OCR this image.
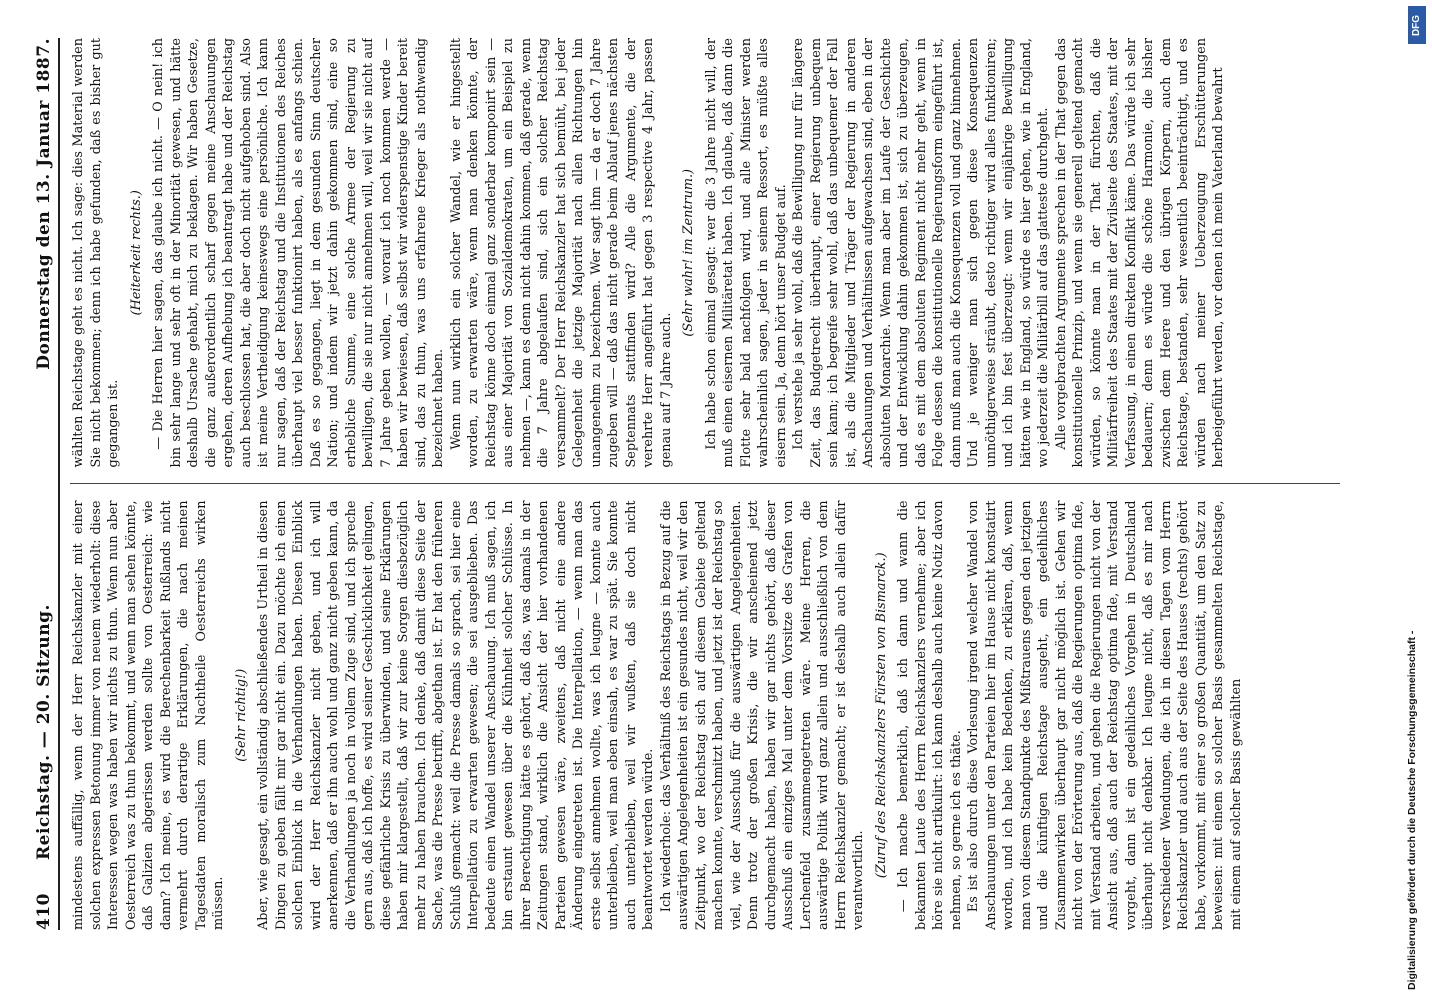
410
Reichstag. — 20. Sitzung.
Donnerstag den 13. Januar 1887.

mindestens auffällig, wenn der Herr Reichskanzler mit einer solchen expressen Betonung immer von neuem wiederholt: diese Interessen wegen was haben wir nichts zu thun. Wenn nun aber Oesterreich was zu thun bekommt, und wenn man sehen könnte, daß Galizien abgerissen werden sollte von Oesterreich: wie dann? Ich meine, es wird die Berechenbarkeit Rußlands nicht vermehrt durch derartige Erklärungen, die nach meinen Tagesdaten moralisch zum Nachtheile Oesterreichs wirken müssen.

(Sehr richtig!) Aber, wie gesagt, ein vollständig abschließendes Urtheil in diesen Dingen zu geben fällt mir gar nicht ein. Dazu möchte ich einen solchen Einblick in die Verhandlungen haben. Diesen Einblick wird der Herr Reichskanzler nicht geben, und ich will anerkennen, daß er ihn auch wohl und ganz nicht geben kann, da die Verhandlungen ja noch in vollem Zuge sind, und ich spreche gern aus, daß ich hoffe, es wird seiner Geschicklichkeit gelingen, diese gefährliche Krisis zu überwinden, und seine Erklärungen haben mir klargestellt, daß wir zur keine Sorgen diesbezüglich mehr zu haben brauchen. Ich denke, daß damit diese Seite der Sache, was die Presse betrifft, abgethan ist. Er hat den früheren Schluß gemacht: weil die Presse damals so sprach, sei hier eine Interpellation zu erwarten gewesen; die sei ausgeblieben. Das bedeute einen Wandel unserer Anschauung. Ich muß sagen, ich bin erstaunt gewesen über die Kühnheit solcher Schlüsse. In ihrer Berechtigung hätte es gehört, daß das, was damals in der Zeitungen stand, wirklich die Ansicht der hier vorhandenen Parteien gewesen wäre, zweitens, daß nicht eine andere Änderung eingetreten ist. Die Interpellation, — wenn man das erste selbst annehmen wollte, was ich leugne — konnte auch unterbleiben, weil man eben einsah, es war zu spät. Sie konnte auch unterbleiben, weil wir wußten, daß sie doch nicht beantwortet werden würde. Ich wiederhole: das Verhältniß des Reichstags in Bezug auf die auswärtigen Angelegenheiten ist ein gesundes nicht, weil wir den Zeitpunkt, wo der Reichstag sich auf diesem Gebiete geltend machen konnte, verschmitzt haben, und jetzt ist der Reichstag so viel, wie der Ausschuß für die auswärtigen Angelegenheiten. Denn trotz der großen Krisis, die wir anscheinend jetzt durchgemacht haben, haben wir gar nichts gehört, daß dieser Ausschuß ein einziges Mal unter dem Vorsitze des Grafen von Lerchenfeld zusammengetreten wäre. Meine Herren, die auswärtige Politik wird ganz allein und ausschließlich von dem Herrn Reichskanzler gemacht; er ist deshalb auch allein dafür verantwortlich.

(Zuruf des Reichskanzlers Fürsten von Bismarck.) — Ich mache bemerklich, daß ich dann und wann die bekannten Laute des Herrn Reichskanzlers vernehme; aber ich höre sie nicht artikulirt: ich kann deshalb auch keine Notiz davon nehmen, so gerne ich es thäte. Es ist also durch diese Vorlesung irgend welcher Wandel von Anschauungen unter den Parteien hier im Hause nicht konstatirt worden, und ich habe kein Bedenken, zu erklären, daß, wenn man von diesem Standpunkte des Mißtrauens gegen den jetzigen und die künftigen Reichstage ausgeht, ein gedeihliches Zusammenwirken überhaupt gar nicht möglich ist. Gehen wir nicht von der Erörterung aus, daß die Regierungen optima fide, mit Verstand arbeiten, und gehen die Regierungen nicht von der Ansicht aus, daß auch der Reichstag optima fide, mit Verstand vorgeht, dann ist ein gedeihliches Vorgehen in Deutschland überhaupt nicht denkbar. Ich leugne nicht, daß es mir nach verschiedener Wendungen, die ich in diesen Tagen vom Herrn Reichskanzler und auch aus der Seite des Hauses (rechts) gehört habe, vorkommt, mit einer so großen Quantität, um den Satz zu beweisen: mit einem so solcher Basis gesammelten Reichstage, mit einem auf solcher Basis gewählten

wählten Reichstage geht es nicht. Ich sage: dies Material werden Sie nicht bekommen; denn ich habe gefunden, daß es bisher gut gegangen ist.

(Heiterkeit rechts.) — Die Herren hier sagen, das glaube ich nicht. — O nein! ich bin sehr lange und sehr oft in der Minorität gewesen, und hätte deshalb Ursache gehabt, mich zu beklagen. Wir haben Gesetze, die ganz außerordentlich scharf gegen meine Anschauungen ergehen, deren Aufhebung ich beantragt habe und der Reichstag auch beschlossen hat, die aber doch nicht aufgehoben sind. Also ist meine Vertheidigung keineswegs eine persönliche. Ich kann nur sagen, daß der Reichstag und die Institutionen des Reiches überhaupt viel besser funktionirt haben, als es anfangs schien. Daß es so gegangen, liegt in dem gesunden Sinn deutscher Nation; und indem wir jetzt dahin gekommen sind, eine so erhebliche Summe, eine solche Armee der Regierung zu bewilligen, die sie nur nicht annehmen will, weil wir sie nicht auf 7 Jahre geben wollen, — worauf ich noch kommen werde — haben wir bewiesen, daß selbst wir widerspenstige Kinder bereit sind, das zu thun, was uns erfahrene Krieger als nothwendig bezeichnet haben. Wenn nun wirklich ein solcher Wandel, wie er hingestellt worden, zu erwarten wäre, wenn man denken könnte, der Reichstag könne doch einmal ganz sonderbar komponirt sein — aus einer Majorität von Sozialdemokraten, um ein Beispiel zu nehmen —, kann es denn nicht dahin kommen, daß gerade, wenn die 7 Jahre abgelaufen sind, sich ein solcher Reichstag versammelt? Der Herr Reichskanzler hat sich bemüht, bei jeder Gelegenheit die jetzige Majorität nach allen Richtungen hin unangenehm zu bezeichnen. Wer sagt ihm — da er doch 7 Jahre zugeben will — daß das nicht gerade beim Ablauf jenes nächsten Septennats stattfinden wird? Alle die Argumente, die der verehrte Herr angeführt hat gegen 3 respective 4 Jahr, passen genau auf 7 Jahre auch.

(Sehr wahr! im Zentrum.) Ich habe schon einmal gesagt: wer die 3 Jahre nicht will, der muß einen eisernen Militäretat haben. Ich glaube, daß dann die Flotte sehr bald nachfolgen wird, und alle Minister werden wahrscheinlich sagen, jeder in seinem Ressort, es müßte alles eisern sein. Ja, denn hört unser Budget auf. Ich verstehe ja sehr wohl, daß die Bewilligung nur für längere Zeit, das Budgetrecht überhaupt, einer Regierung unbequem sein kann; ich begreife sehr wohl, daß das unbequemer der Fall ist, als die Mitglieder und Träger der Regierung in anderen Anschauungen und Verhältnissen aufgewachsen sind, eben in der absoluten Monarchie. Wenn man aber im Laufe der Geschichte und der Entwicklung dahin gekommen ist, sich zu überzeugen, daß es mit dem absoluten Regiment nicht mehr geht, wenn in Folge dessen die konstitutionelle Regierungsform eingeführt ist, dann muß man auch die Konsequenzen voll und ganz hinnehmen. Und je weniger man sich gegen diese Konsequenzen unnöthigerweise sträubt, desto richtiger wird alles funktioniren; und ich bin fest überzeugt: wenn wir einjährige Bewilligung hätten wie in England, so würde es hier gehen, wie in England, wo jederzeit die Militärbill auf das glatteste durchgeht. Alle vorgebrachten Argumente sprechen in der That gegen das konstitutionelle Prinzip, und wenn sie generell geltend gemacht würden, so könnte man in der That fürchten, daß die Militärfreiheit des Staates mit der Zivilseite des Staates, mit der Verfassung, in einen direkten Konflikt käme. Das würde ich sehr bedauern; denn es würde die schöne Harmonie, die bisher zwischen dem Heere und den übrigen Körpern, auch dem Reichstage, bestanden, sehr wesentlich beeinträchtigt, und es würden nach meiner Ueberzeugung Erschütterungen herbeigeführt werden, vor denen ich mein Vaterland bewahrt

Digitalisierung gefördert durch die Deutsche Forschungsgemeinschaft -
DFG
